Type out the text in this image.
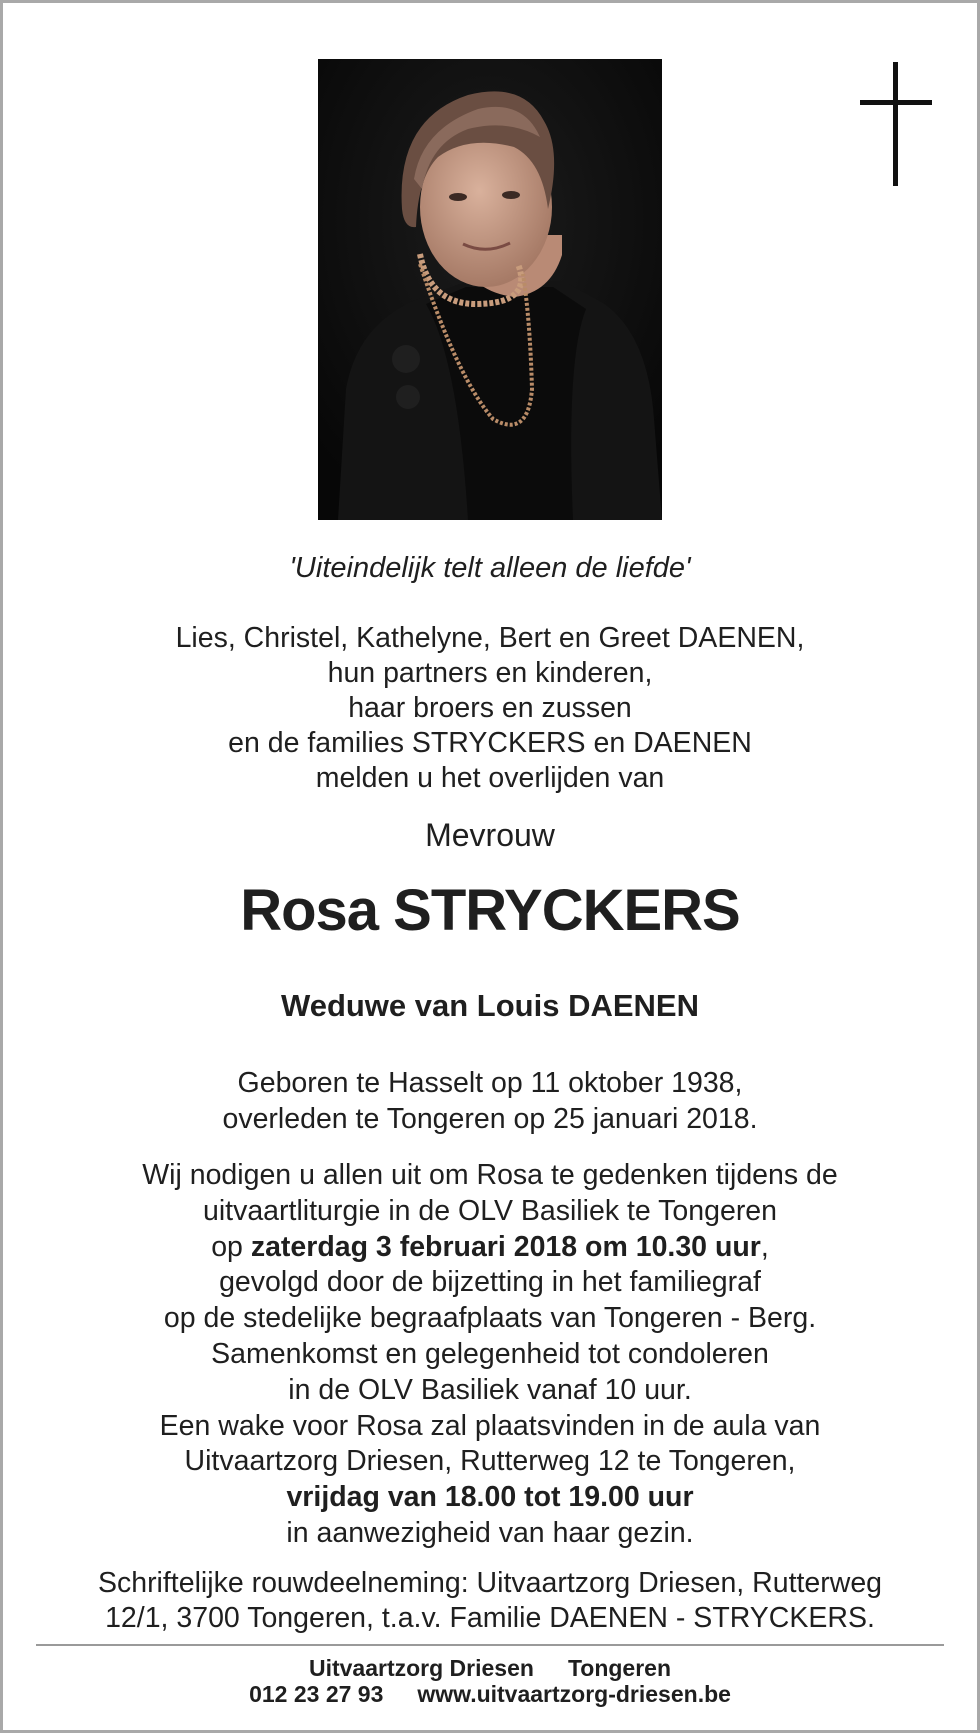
'Uiteindelijk telt alleen de liefde'
Lies, Christel, Kathelyne, Bert en Greet DAENEN,
hun partners en kinderen,
haar broers en zussen
en de families STRYCKERS en DAENEN
melden u het overlijden van
Mevrouw
Rosa STRYCKERS
Weduwe van Louis DAENEN
Geboren te Hasselt op 11 oktober 1938,
overleden te Tongeren op 25 januari 2018.
Wij nodigen u allen uit om Rosa te gedenken tijdens de
uitvaartliturgie in de OLV Basiliek te Tongeren
op zaterdag 3 februari 2018 om 10.30 uur,
gevolgd door de bijzetting in het familiegraf
op de stedelijke begraafplaats van Tongeren - Berg.
Samenkomst en gelegenheid tot condoleren
in de OLV Basiliek vanaf 10 uur.
Een wake voor Rosa zal plaatsvinden in de aula van
Uitvaartzorg Driesen, Rutterweg 12 te Tongeren,
vrijdag van 18.00 tot 19.00 uur
in aanwezigheid van haar gezin.
Schriftelijke rouwdeelneming: Uitvaartzorg Driesen, Rutterweg
12/1, 3700 Tongeren, t.a.v. Familie DAENEN - STRYCKERS.
Uitvaartzorg Driesen Tongeren
012 23 27 93 www.uitvaartzorg-driesen.be
